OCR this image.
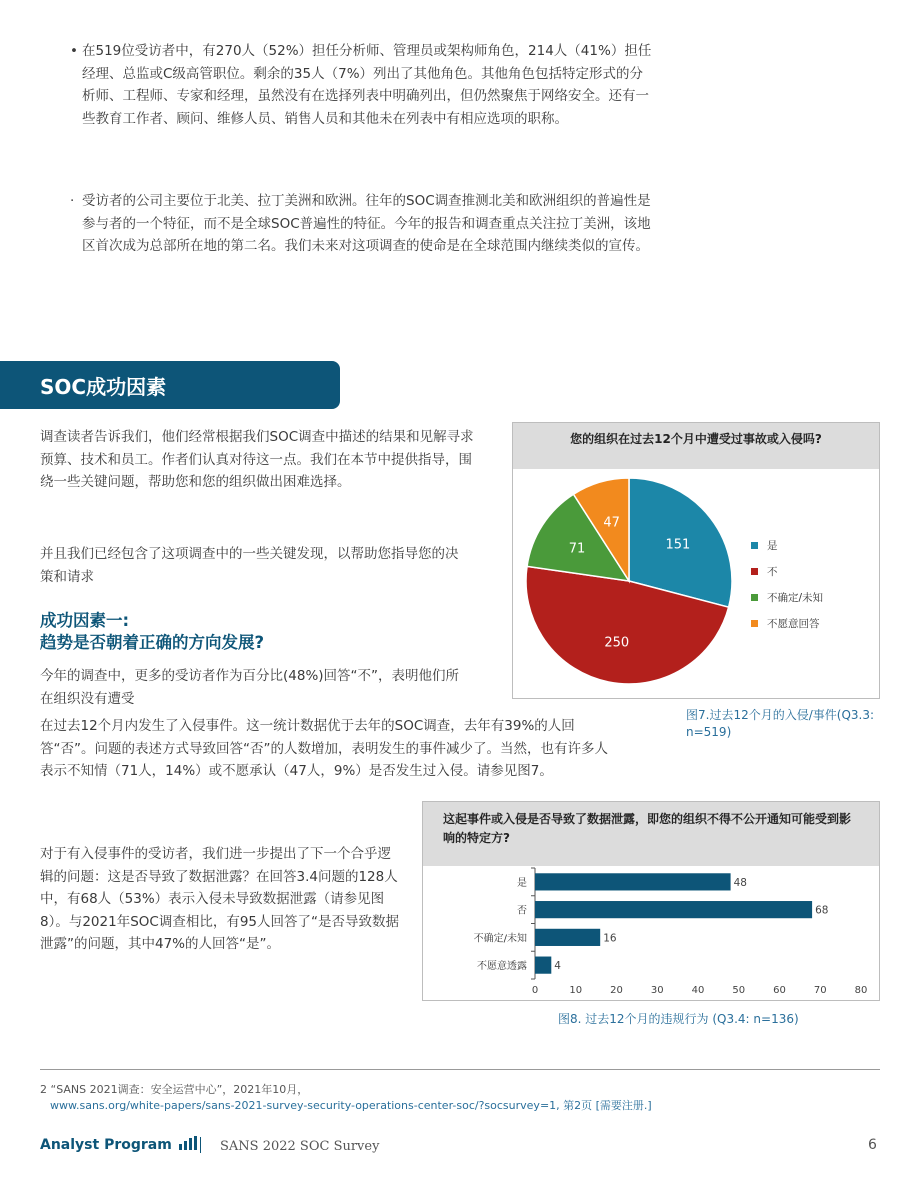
• 在519位受访者中，有270人（52%）担任分析师、管理员或架构师角色，214人（41%）担任经理、总监或C级高管职位。剩余的35人（7%）列出了其他角色。其他角色包括特定形式的分析师、工程师、专家和经理，虽然没有在选择列表中明确列出，但仍然聚焦于网络安全。还有一些教育工作者、顾问、维修人员、销售人员和其他未在列表中有相应选项的职称。
· 受访者的公司主要位于北美、拉丁美洲和欧洲。往年的SOC调查推测北美和欧洲组织的普遍性是参与者的一个特征，而不是全球SOC普遍性的特征。今年的报告和调查重点关注拉丁美洲，该地区首次成为总部所在地的第二名。我们未来对这项调查的使命是在全球范围内继续类似的宣传。
SOC成功因素

调查读者告诉我们，他们经常根据我们SOC调查中描述的结果和见解寻求预算、技术和员工。作者们认真对待这一点。我们在本节中提供指导，围绕一些关键问题，帮助您和您的组织做出困难选择。

并且我们已经包含了这项调查中的一些关键发现，以帮助您指导您的决策和请求

成功因素一:
趋势是否朝着正确的方向发展?

今年的调查中，更多的受访者作为百分比(48%)回答“不”，表明他们所在组织没有遭受

在过去12个月内发生了入侵事件。这一统计数据优于去年的SOC调查，去年有39%的人回答“否”。问题的表述方式导致回答“否”的人数增加，表明发生的事件减少了。当然，也有许多人表示不知情（71人，14%）或不愿承认（47人，9%）是否发生过入侵。请参见图7。

对于有入侵事件的受访者，我们进一步提出了下一个合乎逻辑的问题：这是否导致了数据泄露？在回答3.4问题的128人中，有68人（53%）表示入侵未导致数据泄露（请参见图8）。与2021年SOC调查相比，有95人回答了“是否导致数据泄露”的问题，其中47%的人回答“是”。

您的组织在过去12个月中遭受过事故或入侵吗?
151
250
71
47
是
不
不确定/未知
不愿意回答
图7.过去12个月的入侵/事件(Q3.3: n=519)
这起事件或入侵是否导致了数据泄露，即您的组织不得不公开通知可能受到影响的特定方?
48
是
68
否
16
不确定/未知
4
不愿意透露
0	10	20	30	40	50	60	70	80
图8. 过去12个月的违规行为 (Q3.4: n=136)
2 “SANS 2021调查：安全运营中心”，2021年10月，
www.sans.org/white-papers/sans-2021-survey-security-operations-center-soc/?socsurvey=1, 第2页 [需要注册.]
Analyst Program	SANS 2022 SOC Survey	6
